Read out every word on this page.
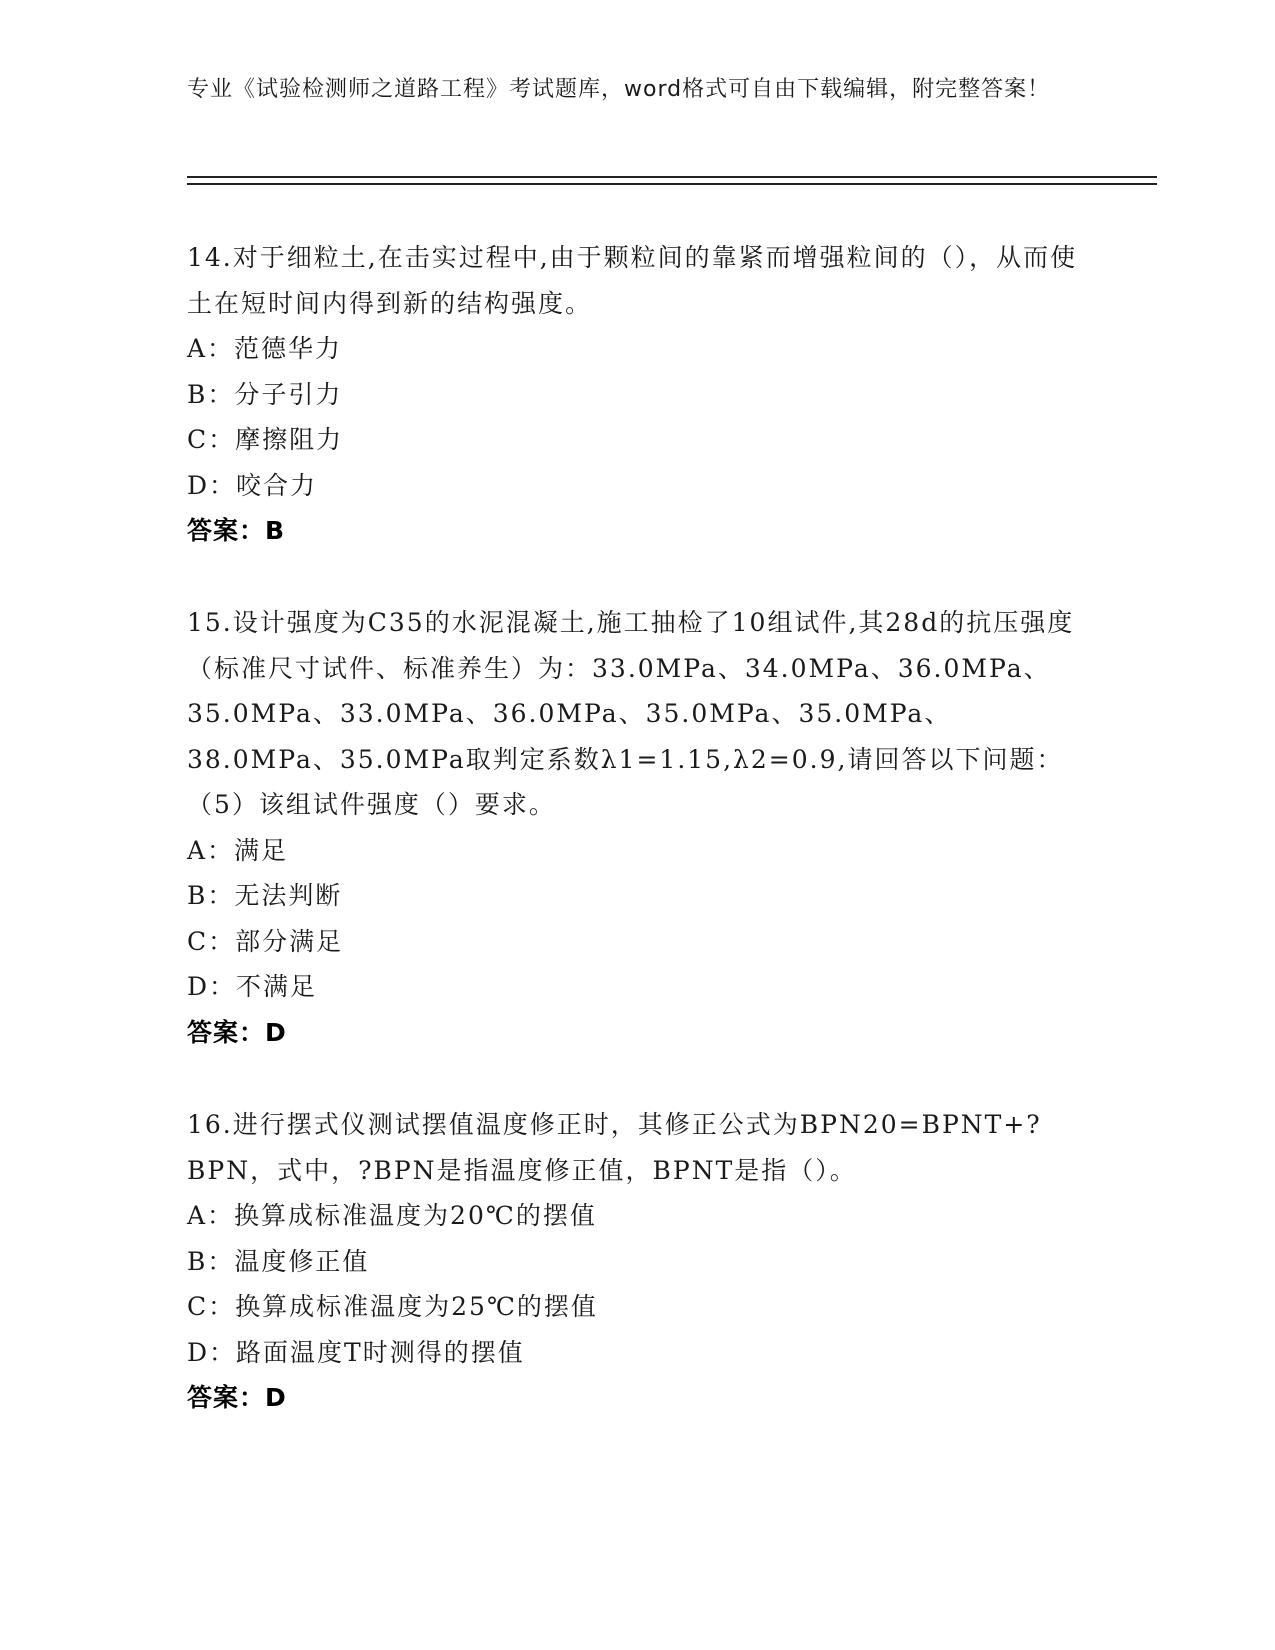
专业《试验检测师之道路工程》考试题库，word格式可自由下载编辑，附完整答案！
14.对于细粒土,在击实过程中,由于颗粒间的靠紧而增强粒间的（），从而使土在短时间内得到新的结构强度。
A：范德华力
B：分子引力
C：摩擦阻力
D：咬合力
答案：B
15.设计强度为C35的水泥混凝土,施工抽检了10组试件,其28d的抗压强度（标准尺寸试件、标准养生）为：33.0MPa、34.0MPa、36.0MPa、35.0MPa、33.0MPa、36.0MPa、35.0MPa、35.0MPa、38.0MPa、35.0MPa取判定系数λ1=1.15,λ2=0.9,请回答以下问题：（5）该组试件强度（）要求。
A：满足
B：无法判断
C：部分满足
D：不满足
答案：D
16.进行摆式仪测试摆值温度修正时，其修正公式为BPN20=BPNT+?BPN，式中，?BPN是指温度修正值，BPNT是指（）。
A：换算成标准温度为20℃的摆值
B：温度修正值
C：换算成标准温度为25℃的摆值
D：路面温度T时测得的摆值
答案：D
